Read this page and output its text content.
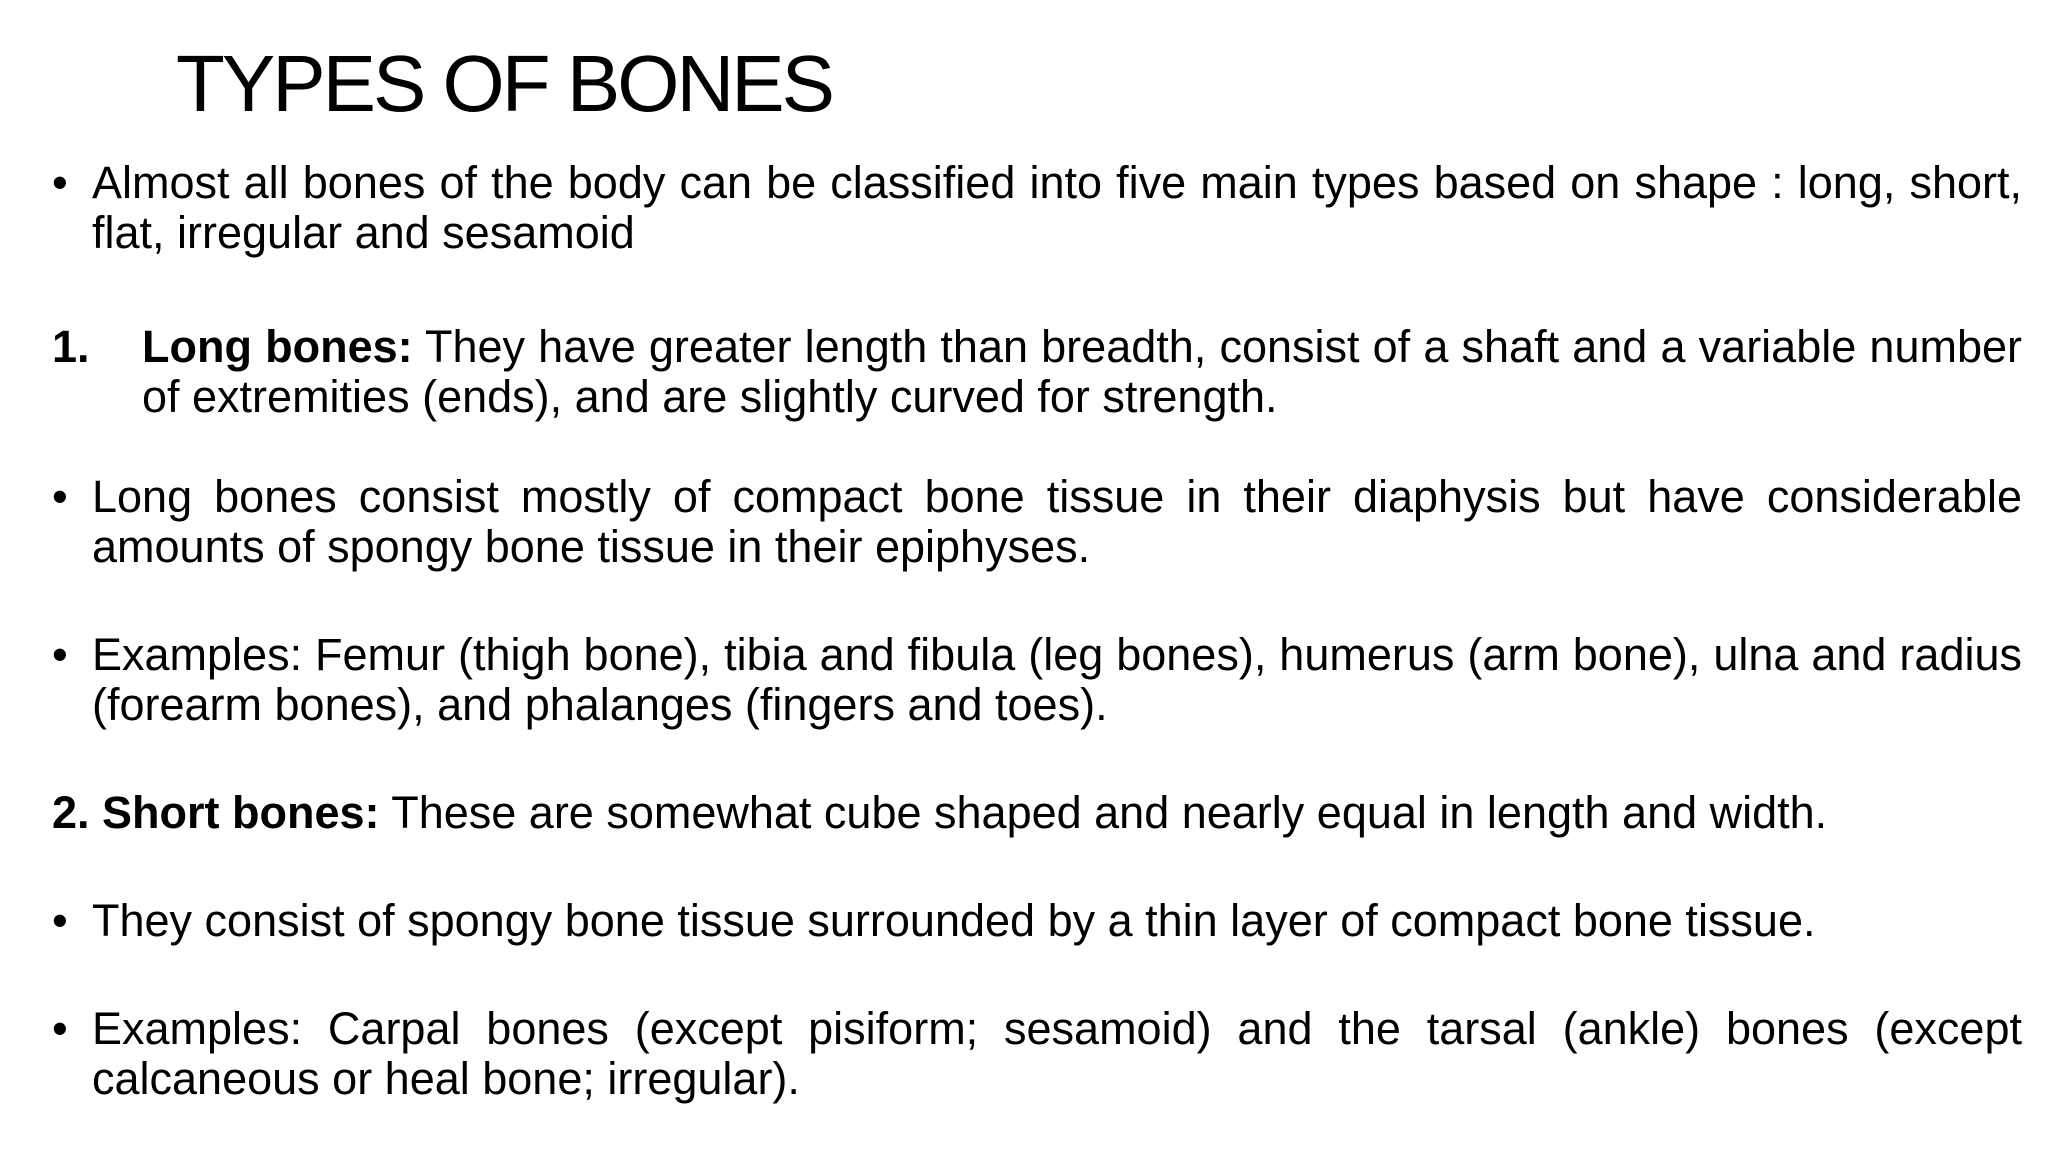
TYPES OF BONES
• Almost all bones of the body can be classified into five main types based on shape : long, short, flat, irregular and sesamoid
1. Long bones: They have greater length than breadth, consist of a shaft and a variable number of extremities (ends), and are slightly curved for strength.
• Long bones consist mostly of compact bone tissue in their diaphysis but have considerable amounts of spongy bone tissue in their epiphyses.
• Examples: Femur (thigh bone), tibia and fibula (leg bones), humerus (arm bone), ulna and radius (forearm bones), and phalanges (fingers and toes).
2. Short bones: These are somewhat cube shaped and nearly equal in length and width.
• They consist of spongy bone tissue surrounded by a thin layer of compact bone tissue.
• Examples: Carpal bones (except pisiform; sesamoid) and the tarsal (ankle) bones (except calcaneous or heal bone; irregular).
